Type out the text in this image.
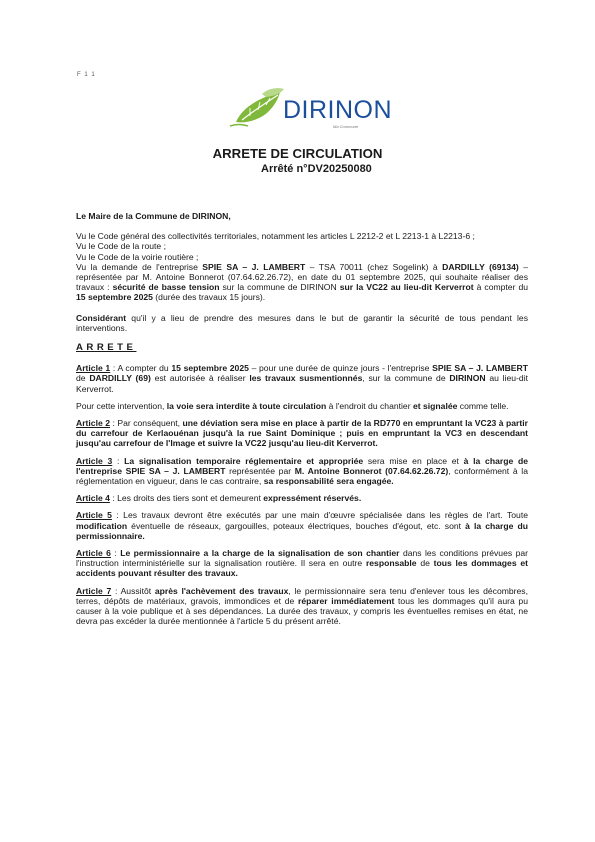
F 1 1
DIRINON
Ma Commune
ARRETE DE CIRCULATION
Arrêté n°DV20250080

Le Maire de la Commune de DIRINON,

Vu le Code général des collectivités territoriales, notamment les articles L 2212-2 et L 2213-1 à L2213-6 ;

Vu le Code de la route ;

Vu le Code de la voirie routière ;

Vu la demande de l'entreprise SPIE SA – J. LAMBERT – TSA 70011 (chez Sogelink) à DARDILLY (69134) – représentée par M. Antoine Bonnerot (07.64.62.26.72), en date du 01 septembre 2025, qui souhaite réaliser des travaux : sécurité de basse tension sur la commune de DIRINON sur la VC22 au lieu-dit Kerverrot à compter du 15 septembre 2025 (durée des travaux 15 jours).

Considérant qu'il y a lieu de prendre des mesures dans le but de garantir la sécurité de tous pendant les interventions.

ARRETE

Article 1 : A compter du 15 septembre 2025 – pour une durée de quinze jours - l'entreprise SPIE SA – J. LAMBERT de DARDILLY (69) est autorisée à réaliser les travaux susmentionnés, sur la commune de DIRINON au lieu-dit Kerverrot.

Pour cette intervention, la voie sera interdite à toute circulation à l'endroit du chantier et signalée comme telle.

Article 2 : Par conséquent, une déviation sera mise en place à partir de la RD770 en empruntant la VC23 à partir du carrefour de Kerlaouénan jusqu'à la rue Saint Dominique ; puis en empruntant la VC3 en descendant jusqu'au carrefour de l'Image et suivre la VC22 jusqu'au lieu-dit Kerverrot.

Article 3 : La signalisation temporaire réglementaire et appropriée sera mise en place et à la charge de l'entreprise SPIE SA – J. LAMBERT représentée par M. Antoine Bonnerot (07.64.62.26.72), conformément à la réglementation en vigueur, dans le cas contraire, sa responsabilité sera engagée.

Article 4 : Les droits des tiers sont et demeurent expressément réservés.

Article 5 : Les travaux devront être exécutés par une main d'œuvre spécialisée dans les règles de l'art. Toute modification éventuelle de réseaux, gargouilles, poteaux électriques, bouches d'égout, etc. sont à la charge du permissionnaire.

Article 6 : Le permissionnaire a la charge de la signalisation de son chantier dans les conditions prévues par l'instruction interministérielle sur la signalisation routière. Il sera en outre responsable de tous les dommages et accidents pouvant résulter des travaux.

Article 7 : Aussitôt après l'achèvement des travaux, le permissionnaire sera tenu d'enlever tous les décombres, terres, dépôts de matériaux, gravois, immondices et de réparer immédiatement tous les dommages qu'il aura pu causer à la voie publique et à ses dépendances. La durée des travaux, y compris les éventuelles remises en état, ne devra pas excéder la durée mentionnée à l'article 5 du présent arrêté.
